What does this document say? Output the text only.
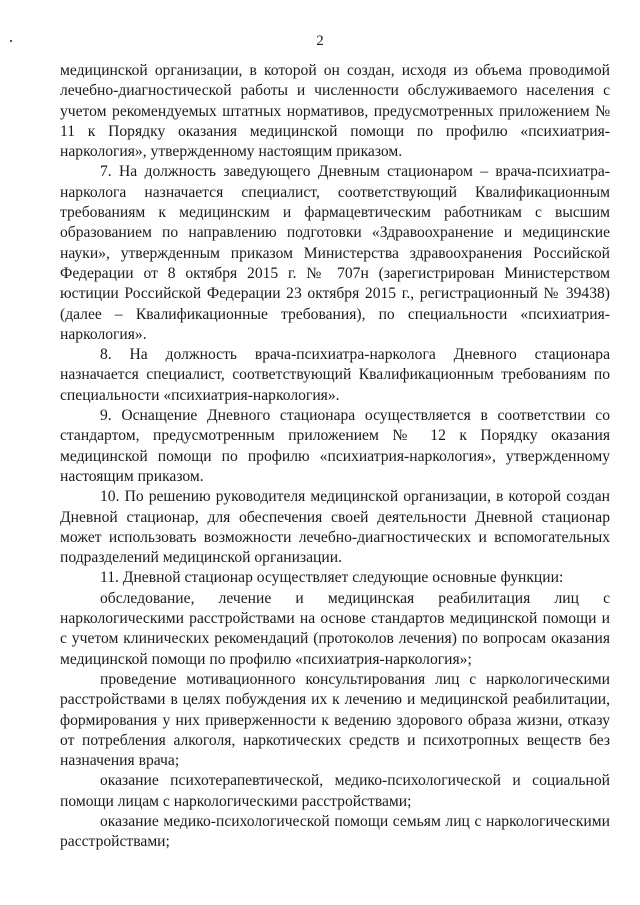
2

медицинской организации, в которой он создан, исходя из объема проводимой лечебно-диагностической работы и численности обслуживаемого населения с учетом рекомендуемых штатных нормативов, предусмотренных приложением № 11 к Порядку оказания медицинской помощи по профилю «психиатрия-наркология», утвержденному настоящим приказом.

7. На должность заведующего Дневным стационаром – врача-психиатра-нарколога назначается специалист, соответствующий Квалификационным требованиям к медицинским и фармацевтическим работникам с высшим образованием по направлению подготовки «Здравоохранение и медицинские науки», утвержденным приказом Министерства здравоохранения Российской Федерации от 8 октября 2015 г. № 707н (зарегистрирован Министерством юстиции Российской Федерации 23 октября 2015 г., регистрационный № 39438) (далее – Квалификационные требования), по специальности «психиатрия-наркология».

8. На должность врача-психиатра-нарколога Дневного стационара назначается специалист, соответствующий Квалификационным требованиям по специальности «психиатрия-наркология».

9. Оснащение Дневного стационара осуществляется в соответствии со стандартом, предусмотренным приложением № 12 к Порядку оказания медицинской помощи по профилю «психиатрия-наркология», утвержденному настоящим приказом.

10. По решению руководителя медицинской организации, в которой создан Дневной стационар, для обеспечения своей деятельности Дневной стационар может использовать возможности лечебно-диагностических и вспомогательных подразделений медицинской организации.

11. Дневной стационар осуществляет следующие основные функции:

обследование, лечение и медицинская реабилитация лиц с наркологическими расстройствами на основе стандартов медицинской помощи и с учетом клинических рекомендаций (протоколов лечения) по вопросам оказания медицинской помощи по профилю «психиатрия-наркология»;

проведение мотивационного консультирования лиц с наркологическими расстройствами в целях побуждения их к лечению и медицинской реабилитации, формирования у них приверженности к ведению здорового образа жизни, отказу от потребления алкоголя, наркотических средств и психотропных веществ без назначения врача;

оказание психотерапевтической, медико-психологической и социальной помощи лицам с наркологическими расстройствами;

оказание медико-психологической помощи семьям лиц с наркологическими расстройствами;
